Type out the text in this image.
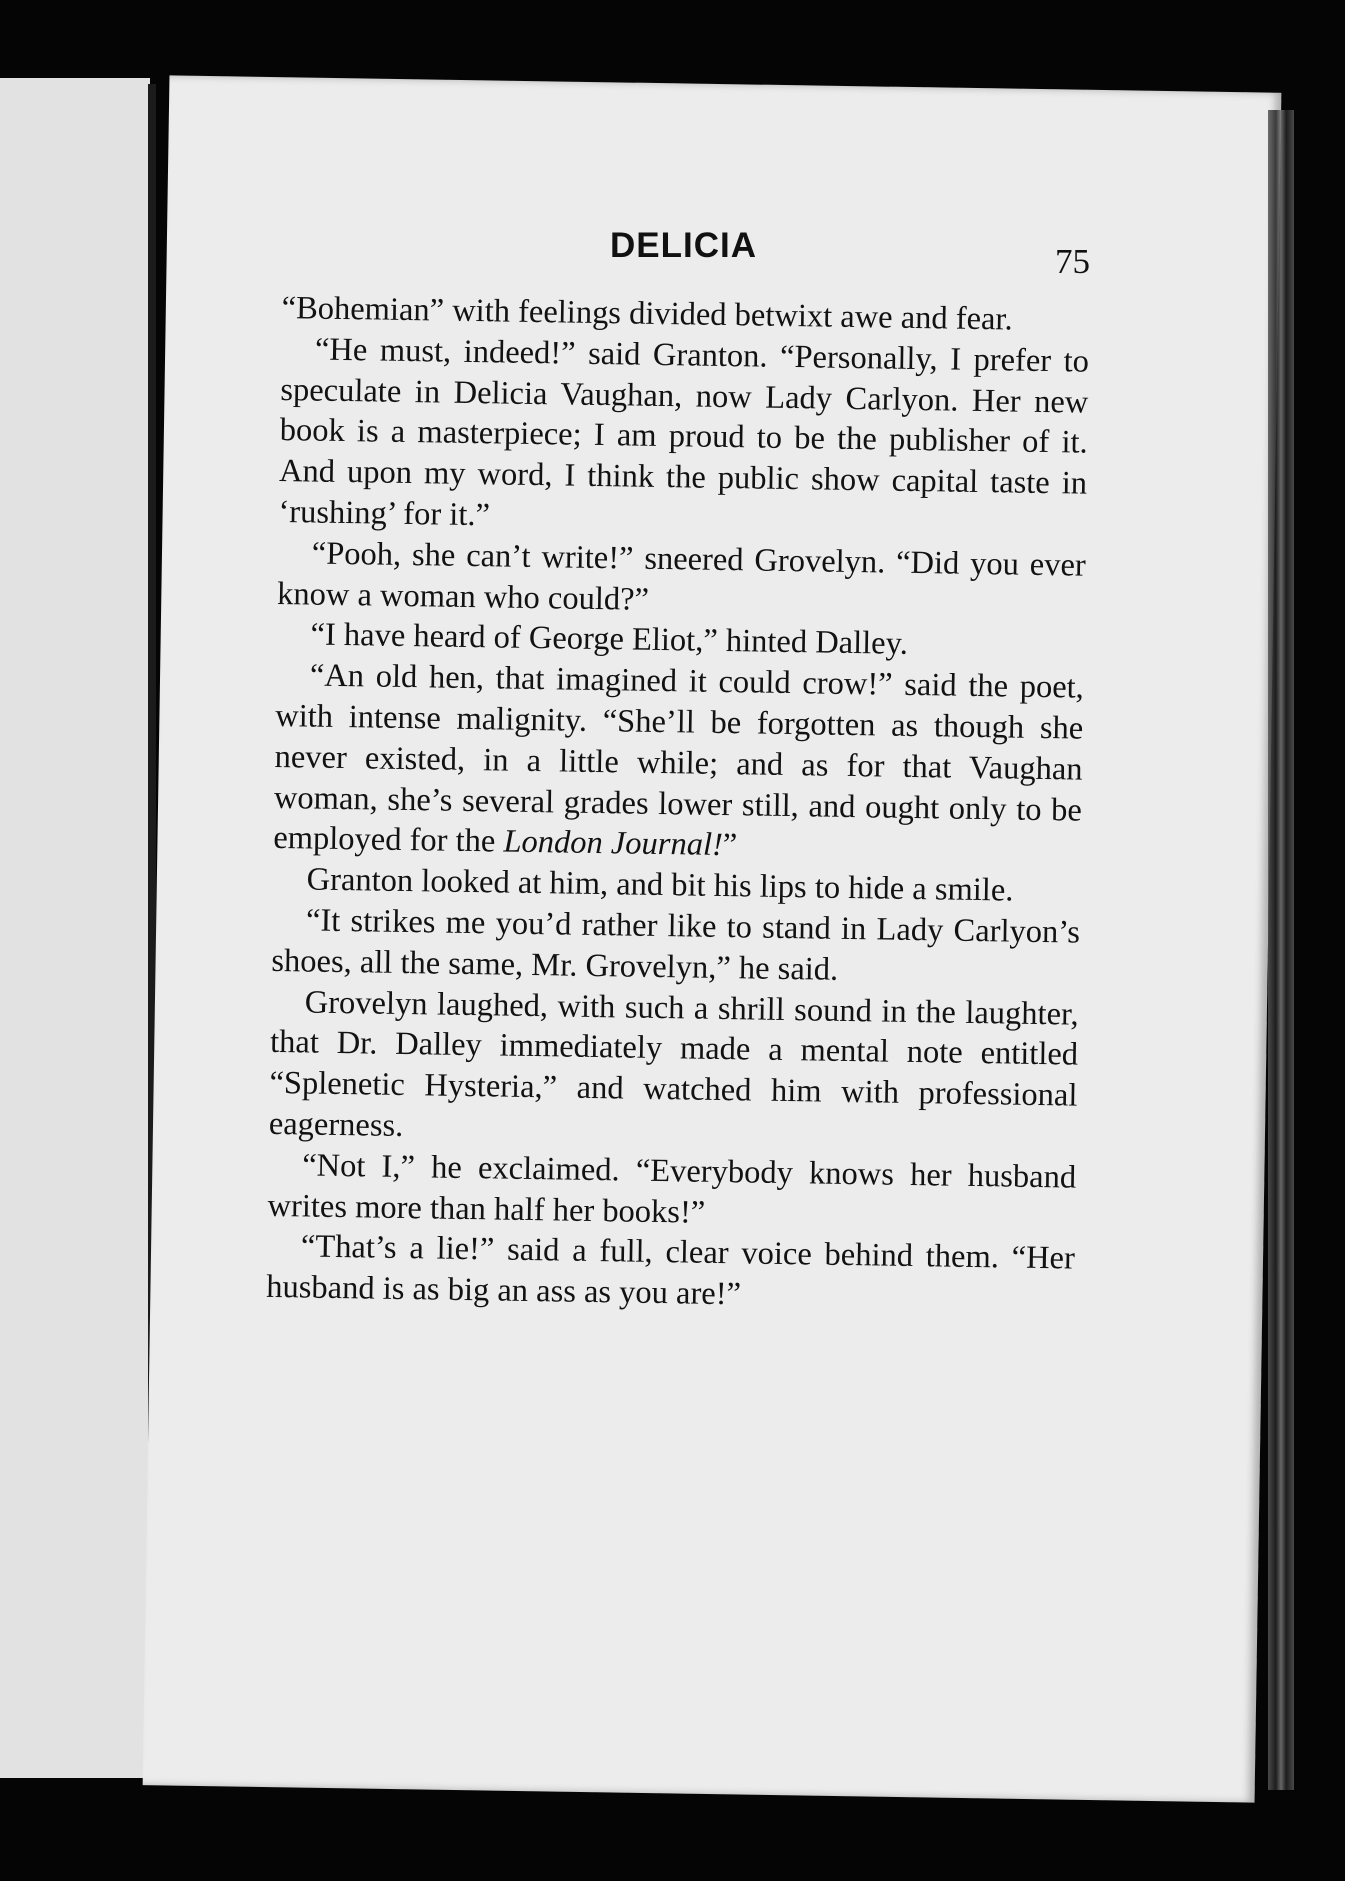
DELICIA	75

“Bohemian” with feelings divided betwixt awe and fear.

“He must, indeed!” said Granton. “Personally, I prefer to speculate in Delicia Vaughan, now Lady Carlyon. Her new book is a masterpiece; I am proud to be the publisher of it. And upon my word, I think the public show capital taste in ‘rushing’ for it.”

“Pooh, she can’t write!” sneered Grovelyn. “Did you ever know a woman who could?”

“I have heard of George Eliot,” hinted Dalley.

“An old hen, that imagined it could crow!” said the poet, with intense malignity. “She’ll be forgotten as though she never existed, in a little while; and as for that Vaughan woman, she’s several grades lower still, and ought only to be employed for the London Journal!”

Granton looked at him, and bit his lips to hide a smile.

“It strikes me you’d rather like to stand in Lady Carlyon’s shoes, all the same, Mr. Grovelyn,” he said.

Grovelyn laughed, with such a shrill sound in the laughter, that Dr. Dalley immediately made a mental note entitled “Splenetic Hysteria,” and watched him with professional eagerness.

“Not I,” he exclaimed. “Everybody knows her husband writes more than half her books!”

“That’s a lie!” said a full, clear voice behind them. “Her husband is as big an ass as you are!”
